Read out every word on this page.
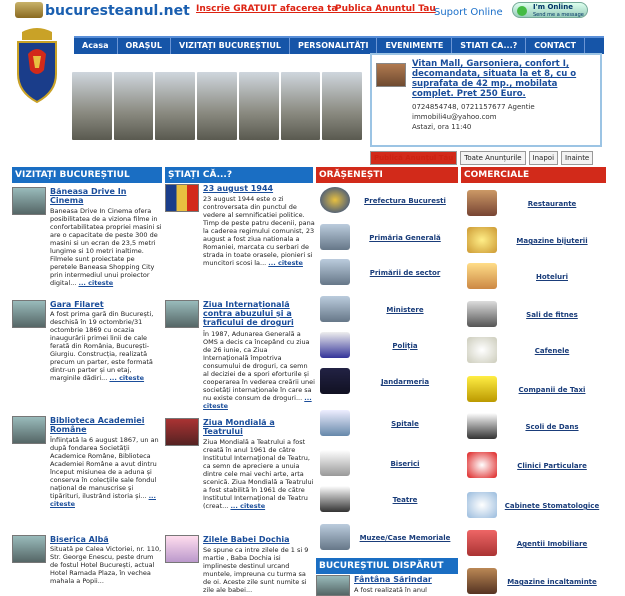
bucuresteanul.net Inscrie GRATUIT afacerea ta
Publica Anuntul Tau
Suport Online	I'm Online
Send me a message
Acasa	ORAȘUL	VIZITAȚI BUCUREȘTIUL	PERSONALITĂȚI	EVENIMENTE	STIATI CA...?	CONTACT
Vitan Mall, Garsoniera, confort I, decomandata, situata la et 8, cu o suprafata de 42 mp., mobilata complet. Pret 250 Euro.
0724854748, 0721157677 Agentie
immobili4u@yahoo.com
Astazi, ora 11:40
Publică Anunțul Tău	Toate Anunțurile	Inapoi	Inainte
VIZITAȚI BUCUREȘTIUL	ȘTIAȚI CĂ...?	ORĂȘENEȘTI	COMERCIALE
Băneasa Drive In Cinema
Baneasa Drive In Cinema ofera posibilitatea de a viziona filme in confortabilitatea propriei masini si are o capacitate de peste 300 de masini si un ecran de 23,5 metri lungime si 10 metri inaltime. Filmele sunt proiectate pe peretele Baneasa Shopping City prin intermediul unui proiector digital... ... citeste
Gara Filaret
A fost prima gară din București, deschisă în 19 octombrie/31 octombrie 1869 cu ocazia inaugurării primei linii de cale ferată din România, București-Giurgiu. Construcția, realizată precum un parter, este formată dintr-un parter și un etaj, marginile dădiri... ... citeste
Biblioteca Academiei Române
Înființată la 6 august 1867, un an după fondarea Societății Academice Române, Biblioteca Academiei Române a avut dintru început misiunea de a aduna și conserva în colecțiile sale fondul național de manuscrise și tipărituri, ilustrând istoria și... ... citeste
Biserica Albă
Situată pe Calea Victoriei, nr. 110, Str. George Enescu, peste drum de fostul Hotel București, actual Hotel Ramada Plaza, în vechea mahala a Popii...
23 august 1944
23 august 1944 este o zi controversata din punctul de vedere al semnificatiei politice. Timp de peste patru decenii, pana la caderea regimului comunist, 23 august a fost ziua nationala a Romaniei, marcata cu serbari de strada in toate orasele, pionieri si muncitori scosi la... ... citeste
Ziua Internațională contra abuzului și a traficului de droguri
În 1987, Adunarea Generală a OMS a decis ca începând cu ziua de 26 iunie, ca Ziua Internațională împotriva consumului de droguri, ca semn al deciziei de a spori eforturile și cooperarea în vederea creării unei societăți internaționale în care sa nu existe consum de droguri... ... citeste
Ziua Mondială a Teatrului
Ziua Mondială a Teatrului a fost creată în anul 1961 de către Institutul Internațional de Teatru, ca semn de apreciere a unuia dintre cele mai vechi arte, arta scenică. Ziua Mondială a Teatrului a fost stabilită în 1961 de către Institutul Internațional de Teatru (creat... ... citeste
Zilele Babei Dochia
Se spune ca intre zilele de 1 si 9 martie , Baba Dochia isi implineste destinul urcand muntele, impreuna cu turma sa de oi. Aceste zile sunt numite si zile ale babei...
Prefectura Bucuresti
Primăria Generală
Primării de sector
Ministere
Poliția
Jandarmeria
Spitale
Biserici
Teatre
Muzee/Case Memoriale
BUCUREȘTIUL DISPĂRUT
Fântâna Sărindar
A fost realizată în anul
Restaurante
Magazine bijuterii
Hoteluri
Sali de fitnes
Cafenele
Companii de Taxi
Scoli de Dans
Clinici Particulare
Cabinete Stomatologice
Agentii Imobiliare
Magazine incaltaminte
